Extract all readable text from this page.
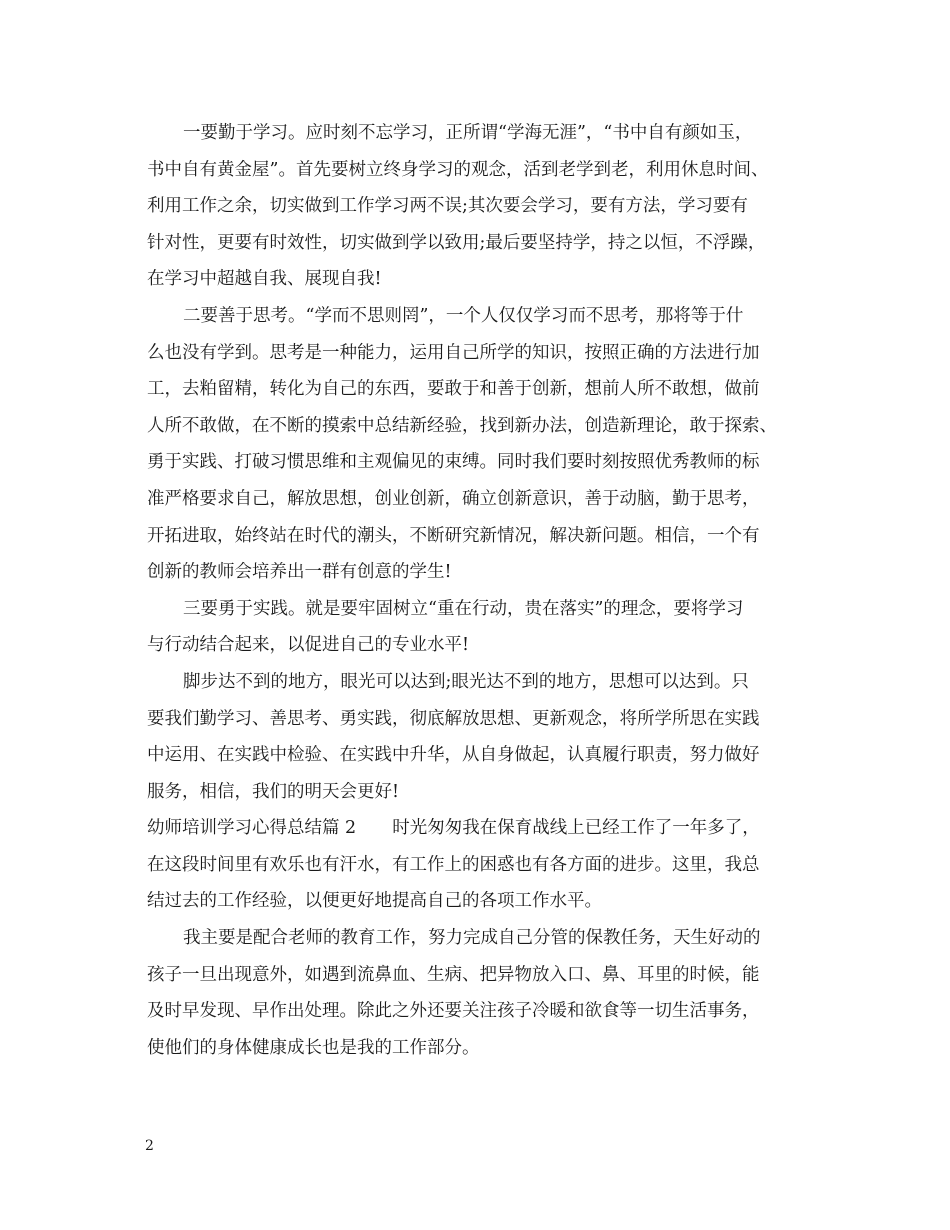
一要勤于学习。应时刻不忘学习，正所谓“学海无涯”，“书中自有颜如玉，
书中自有黄金屋”。首先要树立终身学习的观念，活到老学到老，利用休息时间、
利用工作之余，切实做到工作学习两不误;其次要会学习，要有方法，学习要有
针对性，更要有时效性，切实做到学以致用;最后要坚持学，持之以恒，不浮躁，
在学习中超越自我、展现自我!
二要善于思考。“学而不思则罔”，一个人仅仅学习而不思考，那将等于什
么也没有学到。思考是一种能力，运用自己所学的知识，按照正确的方法进行加
工，去粕留精，转化为自己的东西，要敢于和善于创新，想前人所不敢想，做前
人所不敢做，在不断的摸索中总结新经验，找到新办法，创造新理论，敢于探索、
勇于实践、打破习惯思维和主观偏见的束缚。同时我们要时刻按照优秀教师的标
准严格要求自己，解放思想，创业创新，确立创新意识，善于动脑，勤于思考，
开拓进取，始终站在时代的潮头，不断研究新情况，解决新问题。相信，一个有
创新的教师会培养出一群有创意的学生!
三要勇于实践。就是要牢固树立“重在行动，贵在落实”的理念，要将学习
与行动结合起来，以促进自己的专业水平!
脚步达不到的地方，眼光可以达到;眼光达不到的地方，思想可以达到。只
要我们勤学习、善思考、勇实践，彻底解放思想、更新观念，将所学所思在实践
中运用、在实践中检验、在实践中升华，从自身做起，认真履行职责，努力做好
服务，相信，我们的明天会更好!
幼师培训学习心得总结篇 2 时光匆匆我在保育战线上已经工作了一年多了，
在这段时间里有欢乐也有汗水，有工作上的困惑也有各方面的进步。这里，我总
结过去的工作经验，以便更好地提高自己的各项工作水平。
我主要是配合老师的教育工作，努力完成自己分管的保教任务，天生好动的
孩子一旦出现意外，如遇到流鼻血、生病、把异物放入口、鼻、耳里的时候，能
及时早发现、早作出处理。除此之外还要关注孩子冷暖和欲食等一切生活事务，
使他们的身体健康成长也是我的工作部分。
2
